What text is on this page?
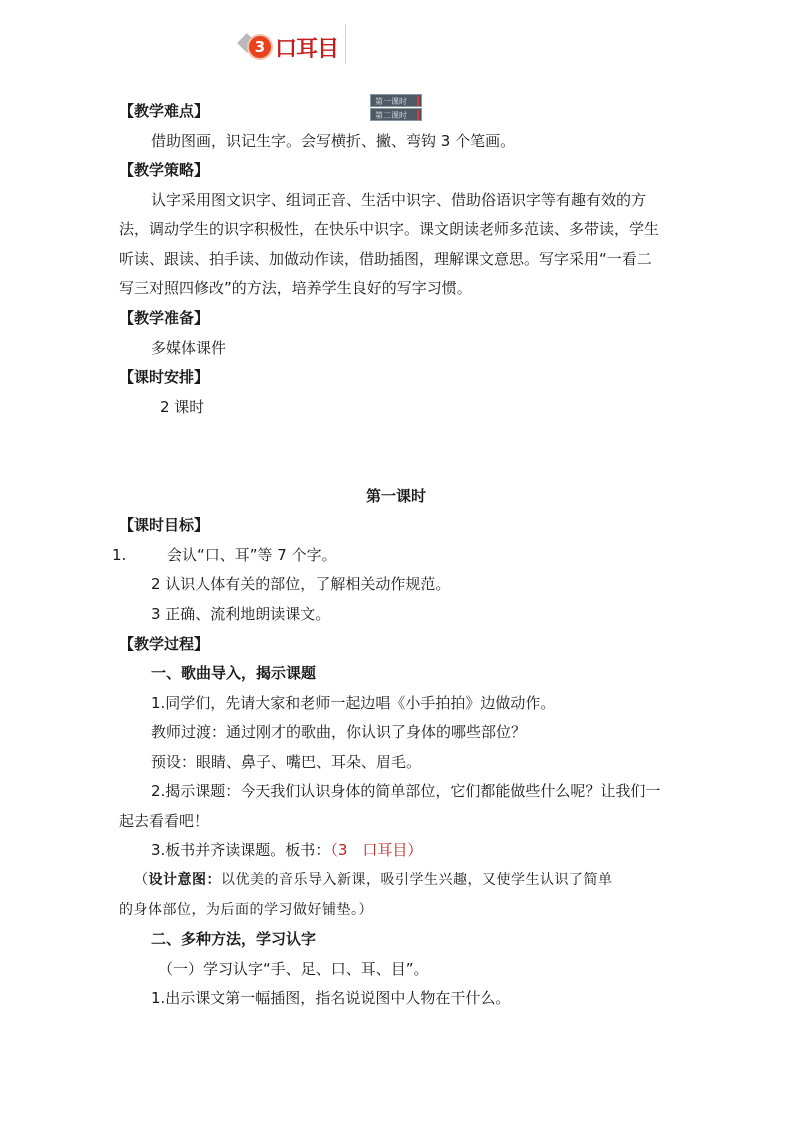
3 口耳目
第一课时
第二课时
【教学难点】
借助图画，识记生字。会写横折、撇、弯钩 3 个笔画。
【教学策略】
认字采用图文识字、组词正音、生活中识字、借助俗语识字等有趣有效的方
法，调动学生的识字积极性，在快乐中识字。课文朗读老师多范读、多带读，学生
听读、跟读、拍手读、加做动作读，借助插图，理解课文意思。写字采用“一看二
写三对照四修改”的方法，培养学生良好的写字习惯。
【教学准备】
多媒体课件
【课时安排】
2 课时
第一课时
【课时目标】
1.	会认“口、耳”等 7 个字。
2 认识人体有关的部位，了解相关动作规范。
3 正确、流利地朗读课文。
【教学过程】
一、歌曲导入，揭示课题
1.同学们，先请大家和老师一起边唱《小手拍拍》边做动作。
教师过渡：通过刚才的歌曲，你认识了身体的哪些部位？
预设：眼睛、鼻子、嘴巴、耳朵、眉毛。
2.揭示课题：今天我们认识身体的简单部位，它们都能做些什么呢？让我们一
起去看看吧！
3.板书并齐读课题。板书：（3　口耳目）
（设计意图：以优美的音乐导入新课，吸引学生兴趣，又使学生认识了简单
的身体部位，为后面的学习做好铺垫。）
二、多种方法，学习认字
（一）学习认字“手、足、口、耳、目”。
1.出示课文第一幅插图，指名说说图中人物在干什么。
